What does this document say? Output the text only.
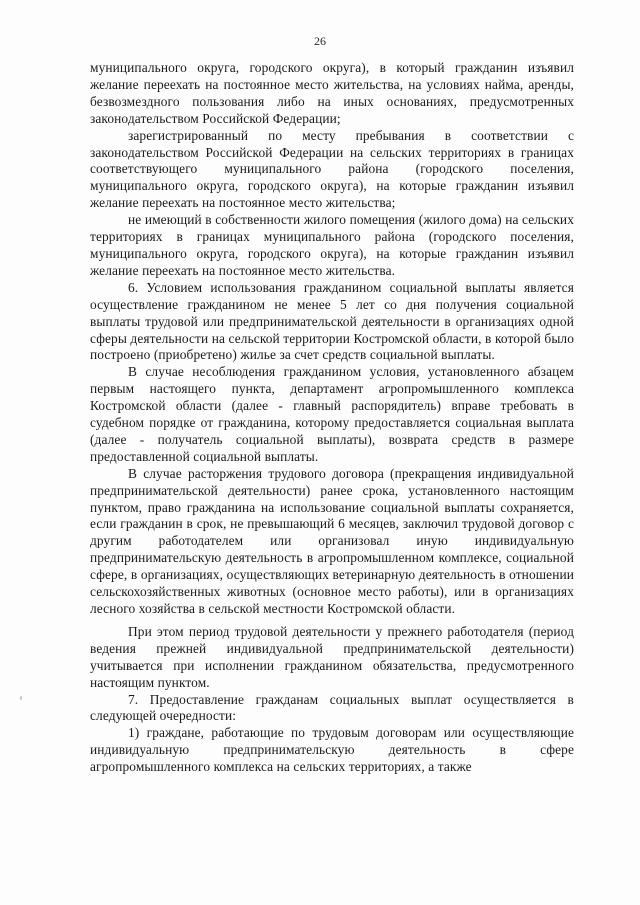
26

муниципального округа, городского округа), в который гражданин изъявил желание переехать на постоянное место жительства, на условиях найма, аренды, безвозмездного пользования либо на иных основаниях, предусмотренных законодательством Российской Федерации;

зарегистрированный по месту пребывания в соответствии с законодательством Российской Федерации на сельских территориях в границах соответствующего муниципального района (городского поселения, муниципального округа, городского округа), на которые гражданин изъявил желание переехать на постоянное место жительства;

не имеющий в собственности жилого помещения (жилого дома) на сельских территориях в границах муниципального района (городского поселения, муниципального округа, городского округа), на которые гражданин изъявил желание переехать на постоянное место жительства.

6. Условием использования гражданином социальной выплаты является осуществление гражданином не менее 5 лет со дня получения социальной выплаты трудовой или предпринимательской деятельности в организациях одной сферы деятельности на сельской территории Костромской области, в которой было построено (приобретено) жилье за счет средств социальной выплаты.

В случае несоблюдения гражданином условия, установленного абзацем первым настоящего пункта, департамент агропромышленного комплекса Костромской области (далее - главный распорядитель) вправе требовать в судебном порядке от гражданина, которому предоставляется социальная выплата (далее - получатель социальной выплаты), возврата средств в размере предоставленной социальной выплаты.

В случае расторжения трудового договора (прекращения индивидуальной предпринимательской деятельности) ранее срока, установленного настоящим пунктом, право гражданина на использование социальной выплаты сохраняется, если гражданин в срок, не превышающий 6 месяцев, заключил трудовой договор с другим работодателем или организовал иную индивидуальную предпринимательскую деятельность в агропромышленном комплексе, социальной сфере, в организациях, осуществляющих ветеринарную деятельность в отношении сельскохозяйственных животных (основное место работы), или в организациях лесного хозяйства в сельской местности Костромской области.

При этом период трудовой деятельности у прежнего работодателя (период ведения прежней индивидуальной предпринимательской деятельности) учитывается при исполнении гражданином обязательства, предусмотренного настоящим пунктом.

7. Предоставление гражданам социальных выплат осуществляется в следующей очередности:

1) граждане, работающие по трудовым договорам или осуществляющие индивидуальную предпринимательскую деятельность в сфере агропромышленного комплекса на сельских территориях, а также
